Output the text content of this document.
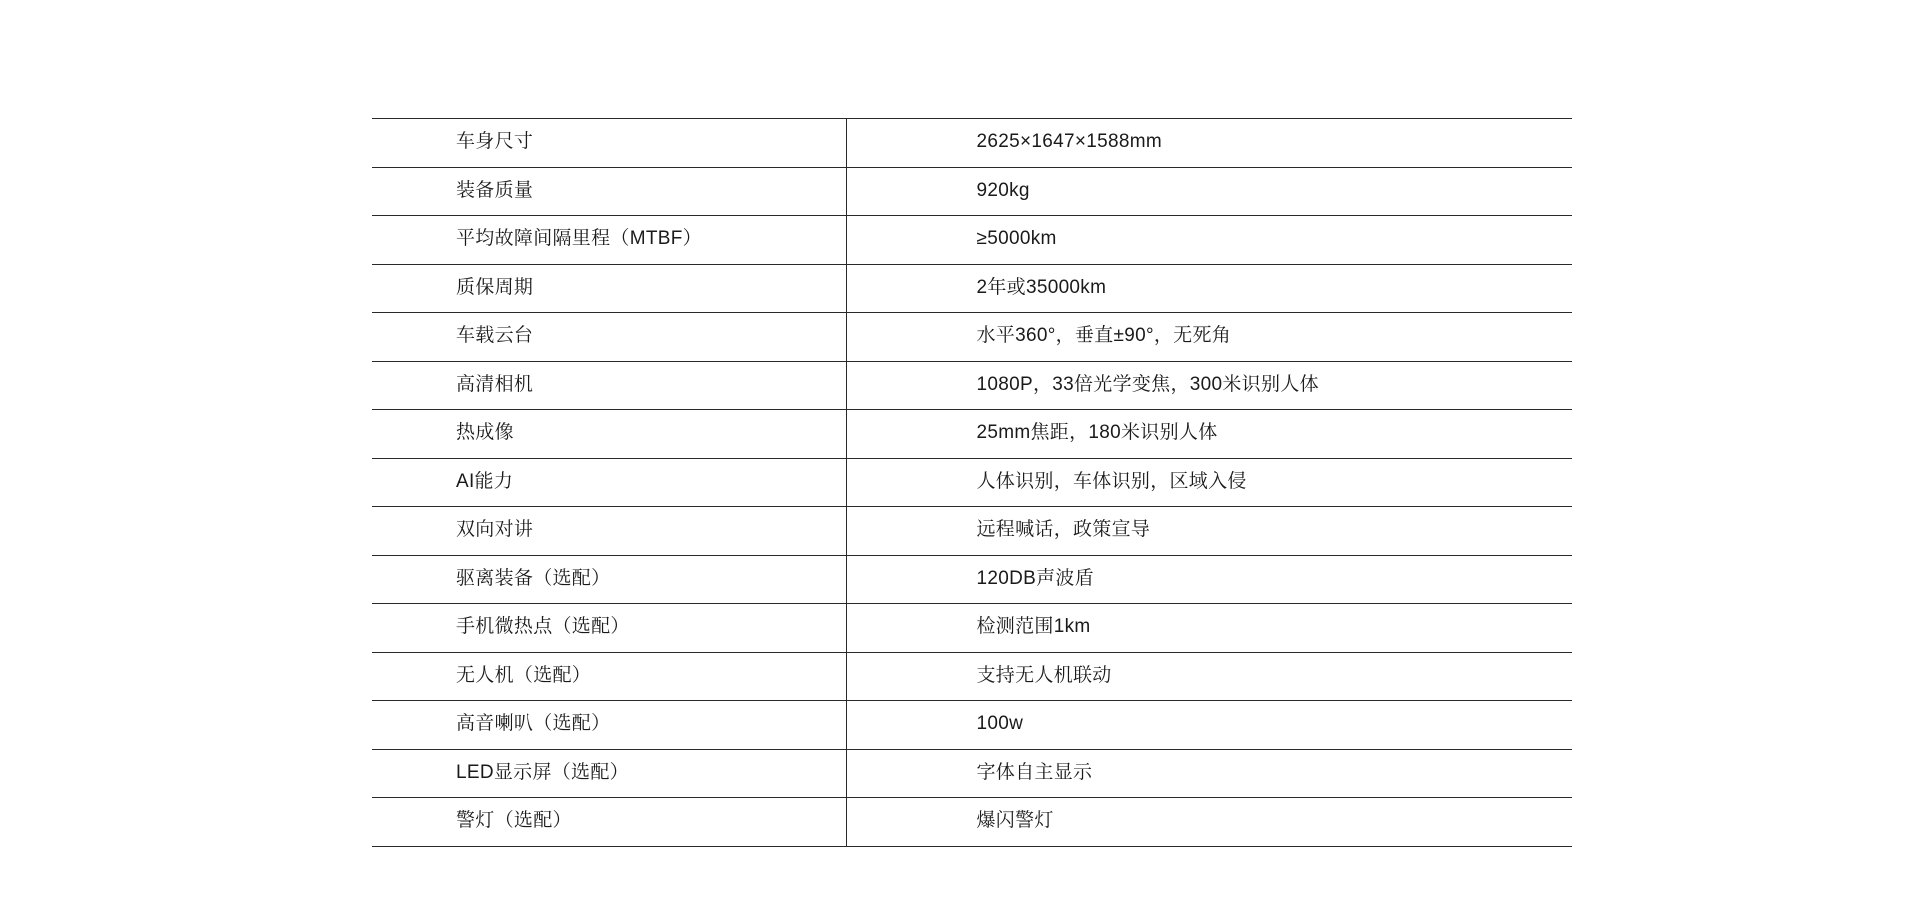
车身尺寸	2625×1647×1588mm

装备质量	920kg

平均故障间隔里程（MTBF）	≥5000km

质保周期	2年或35000km

车载云台	水平360°，垂直±90°，无死角

高清相机	1080P，33倍光学变焦，300米识别人体

热成像	25mm焦距，180米识别人体

AI能力	人体识别，车体识别，区域入侵

双向对讲	远程喊话，政策宣导

驱离装备（选配）	120DB声波盾

手机微热点（选配）	检测范围1km

无人机（选配）	支持无人机联动

高音喇叭（选配）	100w

LED显示屏（选配）	字体自主显示

警灯（选配）	爆闪警灯
